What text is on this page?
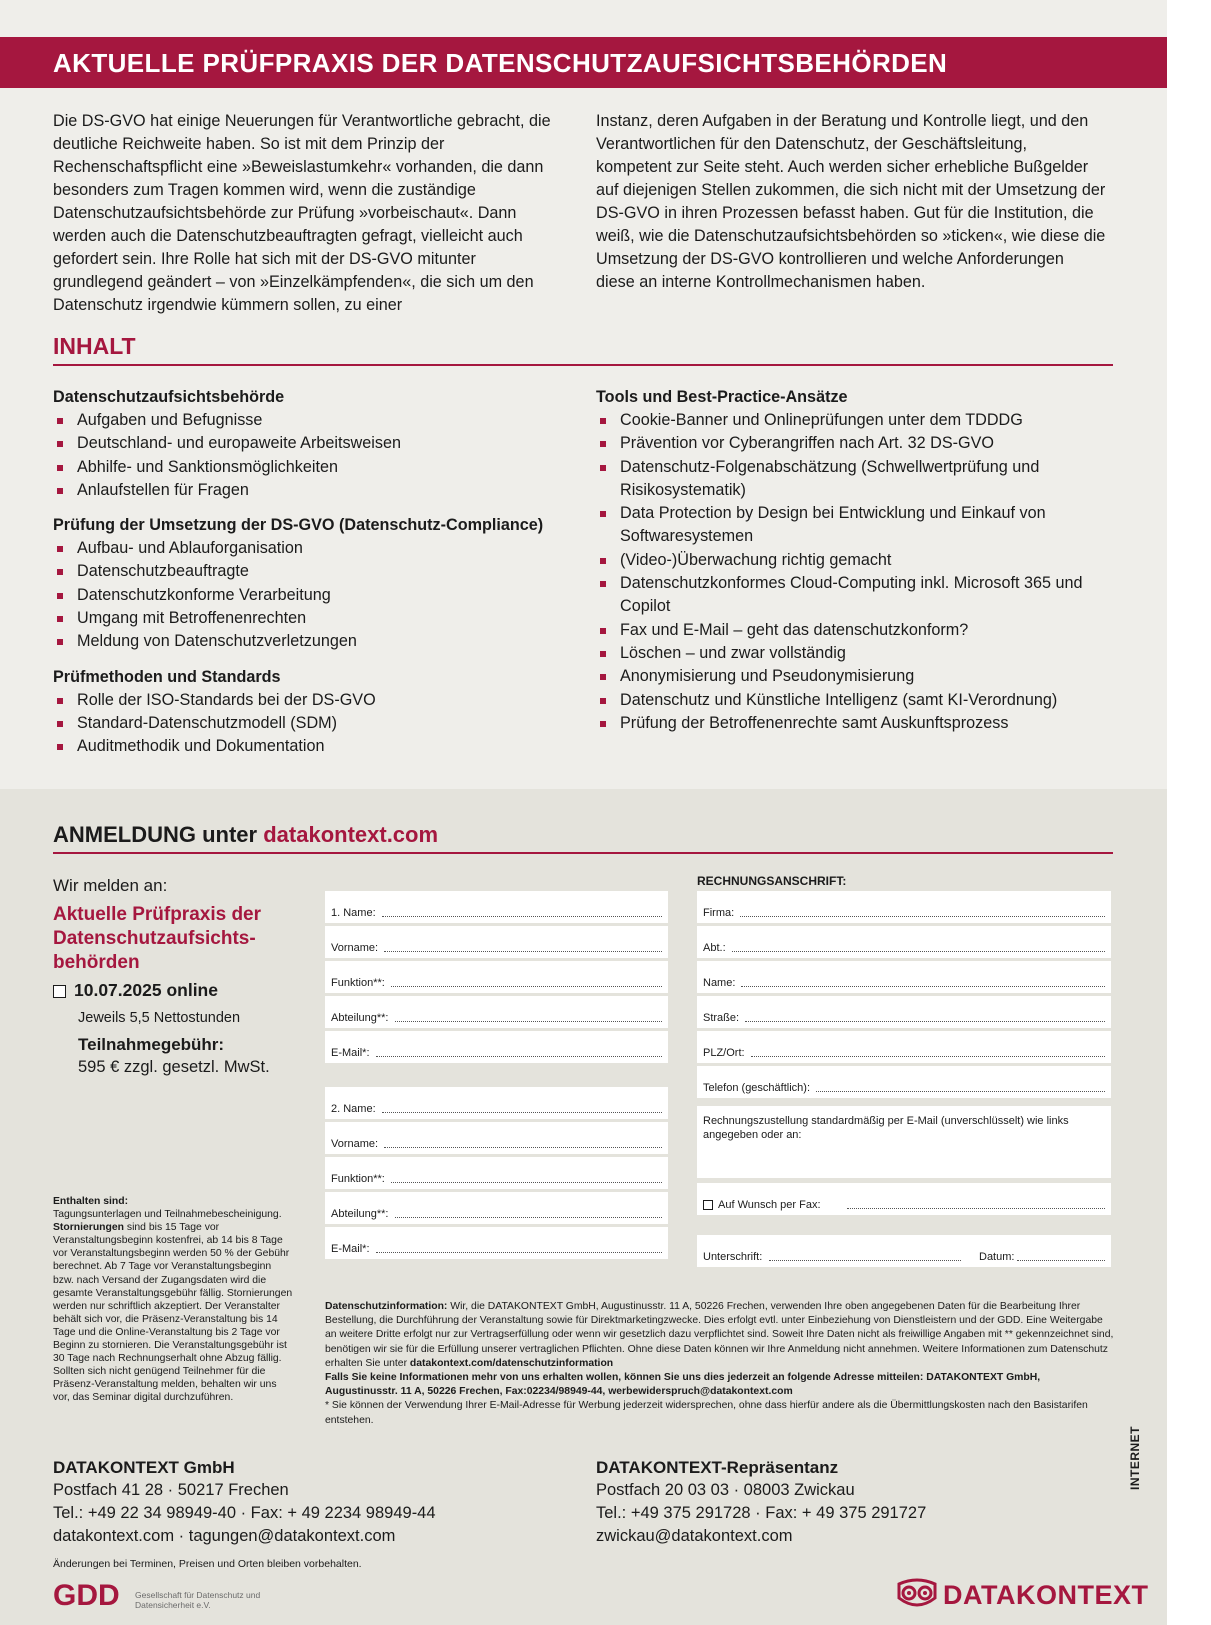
AKTUELLE PRÜFPRAXIS DER DATENSCHUTZAUFSICHTSBEHÖRDEN
Die DS-GVO hat einige Neuerungen für Verantwortliche gebracht, die deutliche Reichweite haben. So ist mit dem Prinzip der Rechenschaftspflicht eine »Beweislastumkehr« vorhanden, die dann besonders zum Tragen kommen wird, wenn die zuständige Datenschutzaufsichtsbehörde zur Prüfung »vorbeischaut«. Dann werden auch die Datenschutzbeauftragten gefragt, vielleicht auch gefordert sein. Ihre Rolle hat sich mit der DS-GVO mitunter grundlegend geändert – von »Einzelkämpfenden«, die sich um den Datenschutz irgendwie kümmern sollen, zu einer
Instanz, deren Aufgaben in der Beratung und Kontrolle liegt, und den Verantwortlichen für den Datenschutz, der Geschäftsleitung, kompetent zur Seite steht. Auch werden sicher erhebliche Bußgelder auf diejenigen Stellen zukommen, die sich nicht mit der Umsetzung der DS-GVO in ihren Prozessen befasst haben. Gut für die Institution, die weiß, wie die Datenschutzaufsichtsbehörden so »ticken«, wie diese die Umsetzung der DS-GVO kontrollieren und welche Anforderungen diese an interne Kontrollmechanismen haben.
INHALT
Datenschutzaufsichtsbehörde
Aufgaben und Befugnisse
Deutschland- und europaweite Arbeitsweisen
Abhilfe- und Sanktionsmöglichkeiten
Anlaufstellen für Fragen
Prüfung der Umsetzung der DS-GVO (Datenschutz-Compliance)
Aufbau- und Ablauforganisation
Datenschutzbeauftragte
Datenschutzkonforme Verarbeitung
Umgang mit Betroffenenrechten
Meldung von Datenschutzverletzungen
Prüfmethoden und Standards
Rolle der ISO-Standards bei der DS-GVO
Standard-Datenschutzmodell (SDM)
Auditmethodik und Dokumentation
Tools und Best-Practice-Ansätze
Cookie-Banner und Onlineprüfungen unter dem TDDDG
Prävention vor Cyberangriffen nach Art. 32 DS-GVO
Datenschutz-Folgenabschätzung (Schwellwertprüfung und Risikosystematik)
Data Protection by Design bei Entwicklung und Einkauf von Softwaresystemen
(Video-)Überwachung richtig gemacht
Datenschutzkonformes Cloud-Computing inkl. Microsoft 365 und Copilot
Fax und E-Mail – geht das datenschutzkonform?
Löschen – und zwar vollständig
Anonymisierung und Pseudonymisierung
Datenschutz und Künstliche Intelligenz (samt KI-Verordnung)
Prüfung der Betroffenenrechte samt Auskunftsprozess
ANMELDUNG unter datakontext.com
Wir melden an:
Aktuelle Prüfpraxis der Datenschutzaufsichts-behörden
10.07.2025 online
Jeweils 5,5 Nettostunden
Teilnahmegebühr:
595 € zzgl. gesetzl. MwSt.
RECHNUNGSANSCHRIFT:
1. Name:
Vorname:
Funktion**:
Abteilung**:
E-Mail*:
2. Name:
Vorname:
Funktion**:
Abteilung**:
E-Mail*:
Firma:
Abt.:
Name:
Straße:
PLZ/Ort:
Telefon (geschäftlich):
Rechnungszustellung standardmäßig per E-Mail (unverschlüsselt) wie links angegeben oder an:
Auf Wunsch per Fax:
Unterschrift:	Datum:
Enthalten sind:
Tagungsunterlagen und Teilnahmebescheinigung.
Stornierungen sind bis 15 Tage vor Veranstaltungsbeginn kostenfrei, ab 14 bis 8 Tage vor Veranstaltungsbeginn werden 50 % der Gebühr berechnet. Ab 7 Tage vor Veranstaltungsbeginn bzw. nach Versand der Zugangsdaten wird die gesamte Veranstaltungsgebühr fällig. Stornierungen werden nur schriftlich akzeptiert. Der Veranstalter behält sich vor, die Präsenz-Veranstaltung bis 14 Tage und die Online-Veranstaltung bis 2 Tage vor Beginn zu stornieren. Die Veranstaltungsgebühr ist 30 Tage nach Rechnungserhalt ohne Abzug fällig. Sollten sich nicht genügend Teilnehmer für die Präsenz-Veranstaltung melden, behalten wir uns vor, das Seminar digital durchzuführen.
Datenschutzinformation: Wir, die DATAKONTEXT GmbH, Augustinusstr. 11 A, 50226 Frechen, verwenden Ihre oben angegebenen Daten für die Bearbeitung Ihrer Bestellung, die Durchführung der Veranstaltung sowie für Direktmarketingzwecke. Dies erfolgt evtl. unter Einbeziehung von Dienstleistern und der GDD. Eine Weitergabe an weitere Dritte erfolgt nur zur Vertragserfüllung oder wenn wir gesetzlich dazu verpflichtet sind. Soweit Ihre Daten nicht als freiwillige Angaben mit ** gekennzeichnet sind, benötigen wir sie für die Erfüllung unserer vertraglichen Pflichten. Ohne diese Daten können wir Ihre Anmeldung nicht annehmen. Weitere Informationen zum Datenschutz erhalten Sie unter datakontext.com/datenschutzinformation
Falls Sie keine Informationen mehr von uns erhalten wollen, können Sie uns dies jederzeit an folgende Adresse mitteilen: DATAKONTEXT GmbH, Augustinusstr. 11 A, 50226 Frechen, Fax:02234/98949-44, werbewiderspruch@datakontext.com
* Sie können der Verwendung Ihrer E-Mail-Adresse für Werbung jederzeit widersprechen, ohne dass hierfür andere als die Übermittlungskosten nach den Basistarifen entstehen.
DATAKONTEXT GmbH
Postfach 41 28 · 50217 Frechen
Tel.: +49 22 34 98949-40 · Fax: + 49 2234 98949-44
datakontext.com · tagungen@datakontext.com
DATAKONTEXT-Repräsentanz
Postfach 20 03 03 · 08003 Zwickau
Tel.: +49 375 291728 · Fax: + 49 375 291727
zwickau@datakontext.com
INTERNET
Änderungen bei Terminen, Preisen und Orten bleiben vorbehalten.
GDD Gesellschaft für Datenschutz und Datensicherheit e.V.	DATAKONTEXT
